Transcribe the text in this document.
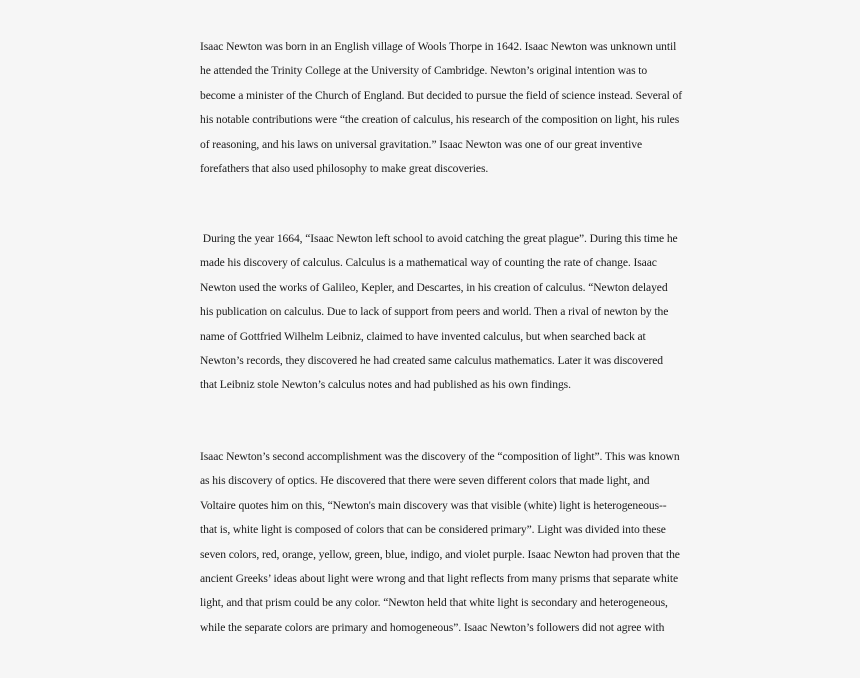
Isaac Newton was born in an English village of Wools Thorpe in 1642. Isaac Newton was unknown until
he attended the Trinity College at the University of Cambridge. Newton’s original intention was to
become a minister of the Church of England. But decided to pursue the field of science instead. Several of
his notable contributions were “the creation of calculus, his research of the composition on light, his rules
of reasoning, and his laws on universal gravitation.” Isaac Newton was one of our great inventive
forefathers that also used philosophy to make great discoveries.
During the year 1664, “Isaac Newton left school to avoid catching the great plague”. During this time he
made his discovery of calculus. Calculus is a mathematical way of counting the rate of change. Isaac
Newton used the works of Galileo, Kepler, and Descartes, in his creation of calculus. “Newton delayed
his publication on calculus. Due to lack of support from peers and world. Then a rival of newton by the
name of Gottfried Wilhelm Leibniz, claimed to have invented calculus, but when searched back at
Newton’s records, they discovered he had created same calculus mathematics. Later it was discovered
that Leibniz stole Newton’s calculus notes and had published as his own findings.
Isaac Newton’s second accomplishment was the discovery of the “composition of light”. This was known
as his discovery of optics. He discovered that there were seven different colors that made light, and
Voltaire quotes him on this, “Newton's main discovery was that visible (white) light is heterogeneous--
that is, white light is composed of colors that can be considered primary”. Light was divided into these
seven colors, red, orange, yellow, green, blue, indigo, and violet purple. Isaac Newton had proven that the
ancient Greeks’ ideas about light were wrong and that light reflects from many prisms that separate white
light, and that prism could be any color. “Newton held that white light is secondary and heterogeneous,
while the separate colors are primary and homogeneous”. Isaac Newton’s followers did not agree with
